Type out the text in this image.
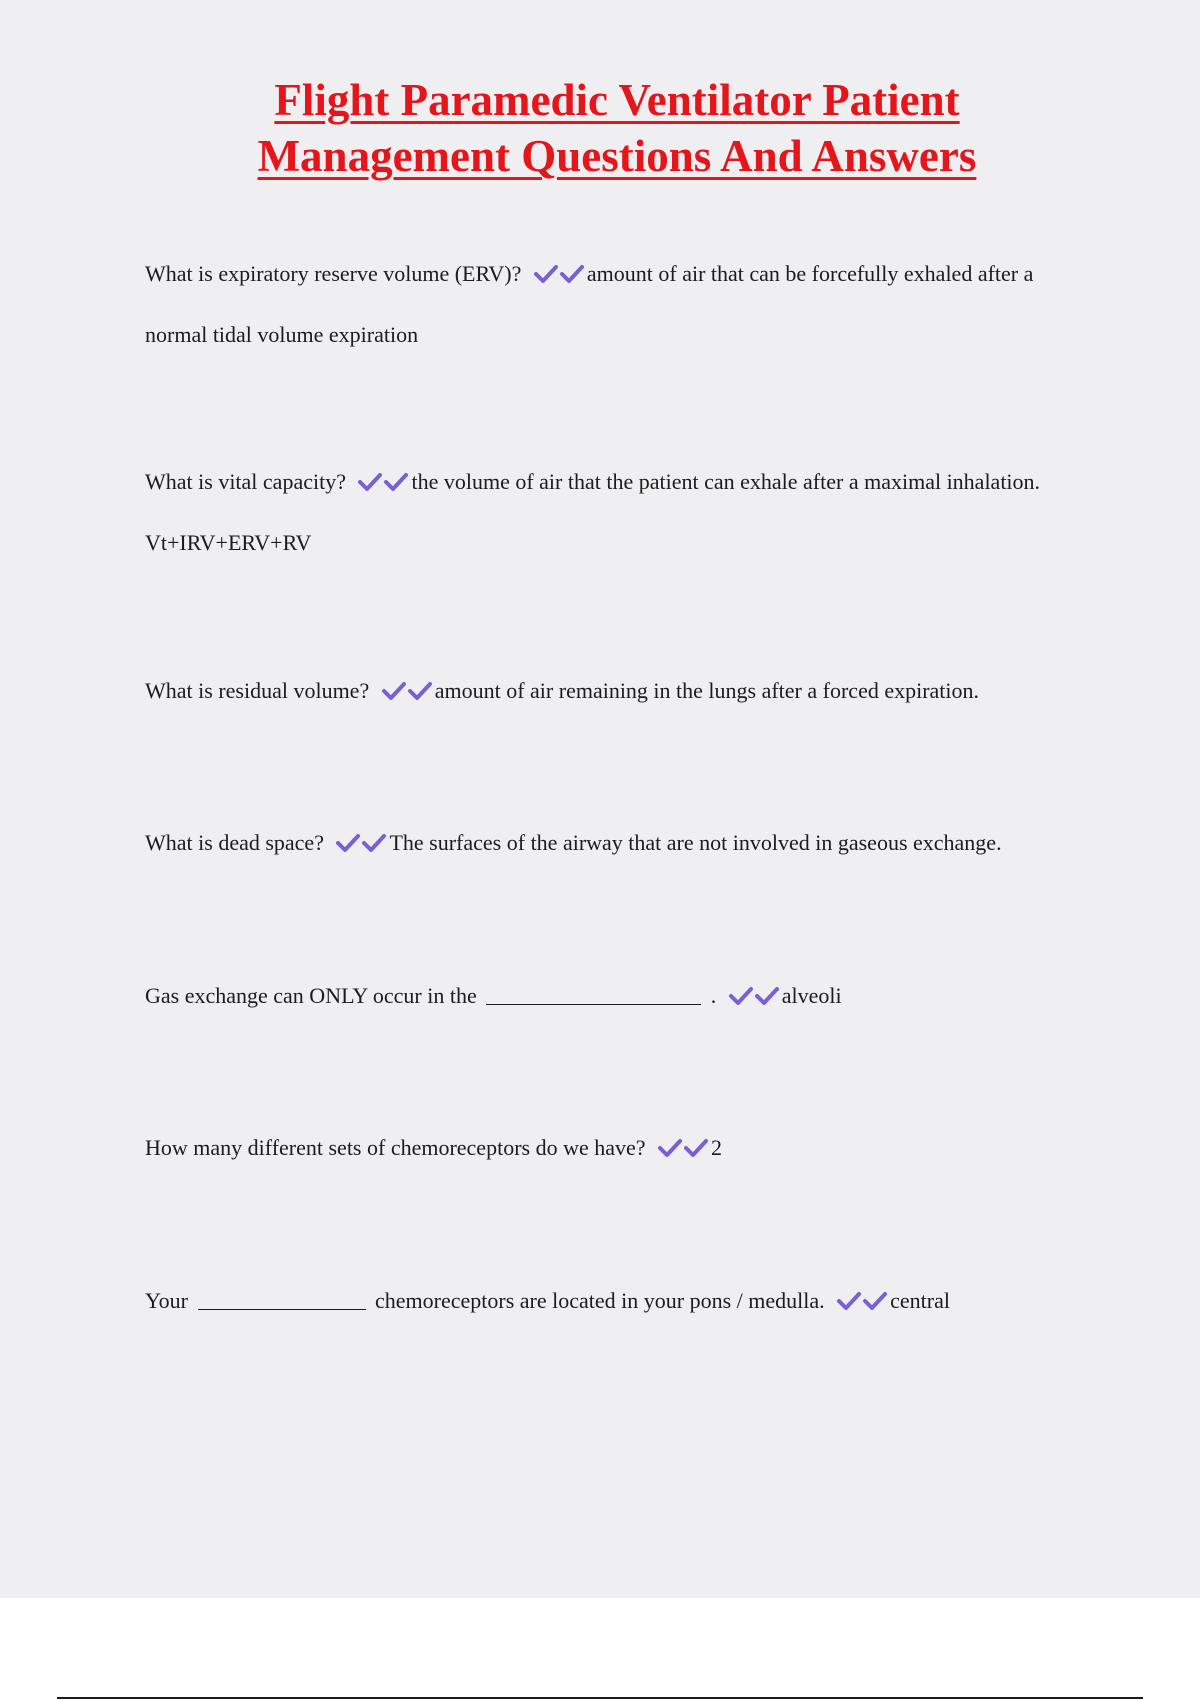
Flight Paramedic Ventilator Patient
Management Questions And Answers

What is expiratory reserve volume (ERV)?	amount of air that can be forcefully exhaled after a normal tidal volume expiration

What is vital capacity?	the volume of air that the patient can exhale after a maximal inhalation. Vt+IRV+ERV+RV

What is residual volume?	amount of air remaining in the lungs after a forced expiration.

What is dead space?	The surfaces of the airway that are not involved in gaseous exchange.

Gas exchange can ONLY occur in the	.	alveoli

How many different sets of chemoreceptors do we have?	2

Your	chemoreceptors are located in your pons / medulla.	central
